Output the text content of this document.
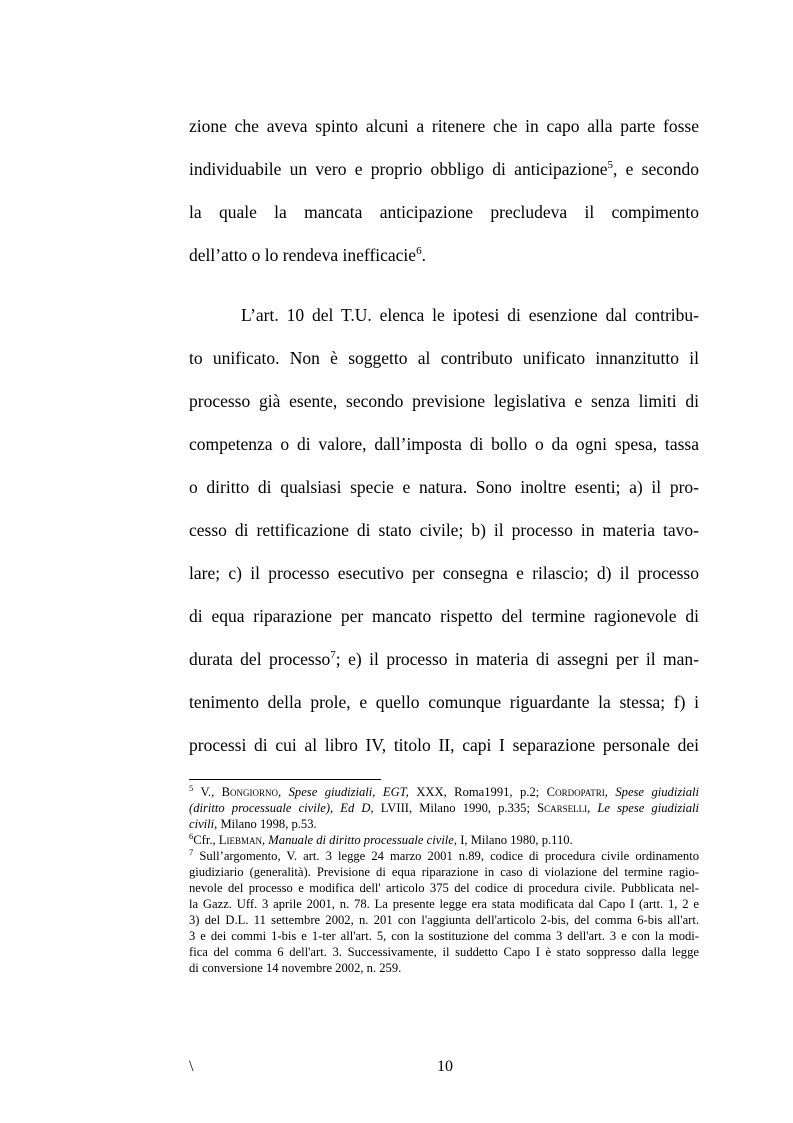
zione che aveva spinto alcuni a ritenere che in capo alla parte fosse
individuabile un vero e proprio obbligo di anticipazione$^5$, e secondo
la quale la mancata anticipazione precludeva il compimento
dell’atto o lo rendeva inefficacie$^6$.
L’art. 10 del T.U. elenca le ipotesi di esenzione dal contribu-
to unificato. Non è soggetto al contributo unificato innanzitutto il
processo già esente, secondo previsione legislativa e senza limiti di
competenza o di valore, dall’imposta di bollo o da ogni spesa, tassa
o diritto di qualsiasi specie e natura. Sono inoltre esenti; a) il pro-
cesso di rettificazione di stato civile; b) il processo in materia tavo-
lare; c) il processo esecutivo per consegna e rilascio; d) il processo
di equa riparazione per mancato rispetto del termine ragionevole di
durata del processo$^7$; e) il processo in materia di assegni per il man-
tenimento della prole, e quello comunque riguardante la stessa; f) i
processi di cui al libro IV, titolo II, capi I separazione personale dei
$^5$ V., Bongiorno, Spese giudiziali, EGT, XXX, Roma1991, p.2; Cordopatri, Spese giudiziali
(diritto processuale civile), Ed D, LVIII, Milano 1990, p.335; Scarselli, Le spese giudiziali
civili, Milano 1998, p.53.
$^6$Cfr., Liebman, Manuale di diritto processuale civile, I, Milano 1980, p.110.
$^7$ Sull’argomento, V. art. 3 legge 24 marzo 2001 n.89, codice di procedura civile ordinamento
giudiziario (generalità). Previsione di equa riparazione in caso di violazione del termine ragio-
nevole del processo e modifica dell' articolo 375 del codice di procedura civile. Pubblicata nel-
la Gazz. Uff. 3 aprile 2001, n. 78. La presente legge era stata modificata dal Capo I (artt. 1, 2 e
3) del D.L. 11 settembre 2002, n. 201 con l'aggiunta dell'articolo 2-bis, del comma 6-bis all'art.
3 e dei commi 1-bis e 1-ter all'art. 5, con la sostituzione del comma 3 dell'art. 3 e con la modi-
fica del comma 6 dell'art. 3. Successivamente, il suddetto Capo I è stato soppresso dalla legge
di conversione 14 novembre 2002, n. 259.
\	10
